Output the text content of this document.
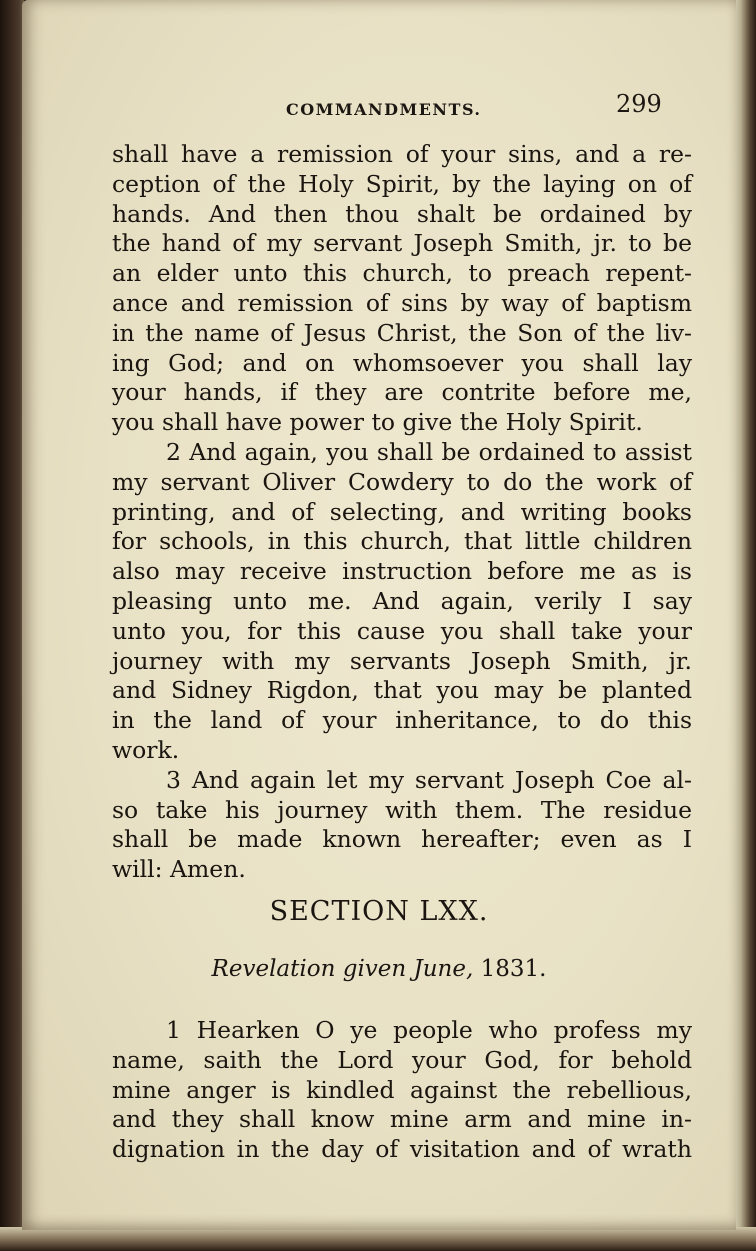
COMMANDMENTS.	299
shall have a remission of your sins, and a re-
ception of the Holy Spirit, by the laying on of
hands. And then thou shalt be ordained by
the hand of my servant Joseph Smith, jr. to be
an elder unto this church, to preach repent-
ance and remission of sins by way of baptism
in the name of Jesus Christ, the Son of the liv-
ing God; and on whomsoever you shall lay
your hands, if they are contrite before me,
you shall have power to give the Holy Spirit.
2 And again, you shall be ordained to assist
my servant Oliver Cowdery to do the work of
printing, and of selecting, and writing books
for schools, in this church, that little children
also may receive instruction before me as is
pleasing unto me. And again, verily I say
unto you, for this cause you shall take your
journey with my servants Joseph Smith, jr.
and Sidney Rigdon, that you may be planted
in the land of your inheritance, to do this
work.
3 And again let my servant Joseph Coe al-
so take his journey with them. The residue
shall be made known hereafter; even as I
will: Amen.
SECTION LXX.
Revelation given June, 1831.
1 Hearken O ye people who profess my
name, saith the Lord your God, for behold
mine anger is kindled against the rebellious,
and they shall know mine arm and mine in-
dignation in the day of visitation and of wrath
